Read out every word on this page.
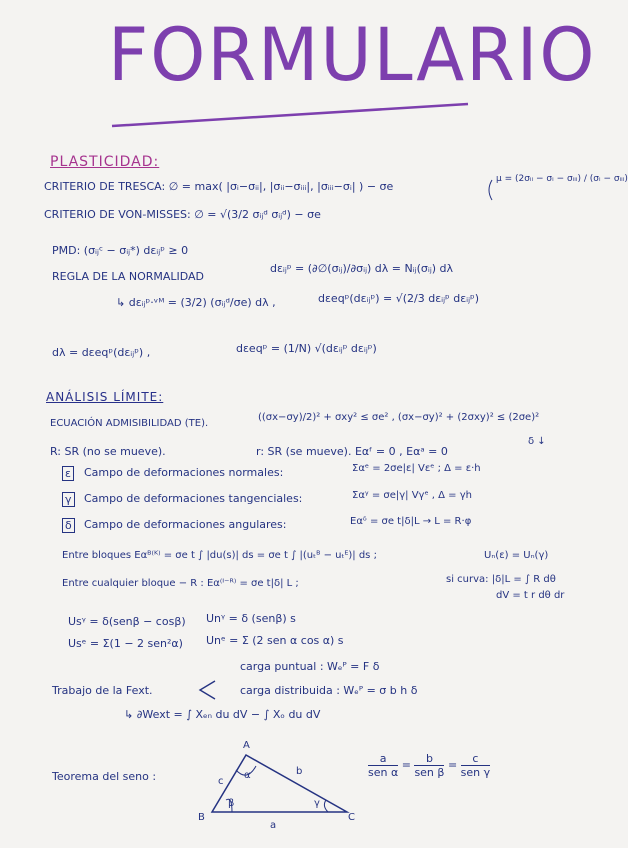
FORMULARIO
PLASTICIDAD:
CRITERIO DE TRESCA: ∅ = max( |σᵢ−σᵢᵢ|, |σᵢᵢ−σᵢᵢᵢ|, |σᵢᵢᵢ−σᵢ| ) − σe
μ = (2σᵢᵢ − σᵢ − σᵢᵢᵢ) / (σᵢ − σᵢᵢᵢ)
CRITERIO DE VON-MISSES: ∅ = √(3/2 σᵢⱼᵈ σᵢⱼᵈ) − σe
PMD: (σᵢⱼᶜ − σᵢⱼ*) dεᵢⱼᵖ ≥ 0
REGLA DE LA NORMALIDAD
dεᵢⱼᵖ = (∂∅(σᵢⱼ)/∂σᵢⱼ) dλ = Nᵢⱼ(σᵢⱼ) dλ
↳ dεᵢⱼᵖ·ᵛᴹ = (3/2) (σᵢⱼᵈ/σe) dλ ,	dεeqᵖ(dεᵢⱼᵖ) = √(2/3 dεᵢⱼᵖ dεᵢⱼᵖ)
dλ = dεeqᵖ(dεᵢⱼᵖ) ,	dεeqᵖ = (1/N) √(dεᵢⱼᵖ dεᵢⱼᵖ)
ANÁLISIS LÍMITE:
ECUACIÓN ADMISIBILIDAD (TE).
((σx−σy)/2)² + σxy² ≤ σe² , (σx−σy)² + (2σxy)² ≤ (2σe)²
δ ↓
R: SR (no se mueve).	r: SR (se mueve). Eαᶠ = 0 , Eαᵃ = 0
ε Campo de deformaciones normales:	Σαᵉ = 2σe|ε| Vεᵉ ; Δ = ε·h
γ Campo de deformaciones tangenciales:	Σαᵞ = σe|γ| Vγᵉ , Δ = γh
δ Campo de deformaciones angulares:	Eαᵟ = σe t|δ|L → L = R·φ
Entre bloques Eαᴮ⁽ᴷ⁾ = σe t ∫ |du(s)| ds = σe t ∫ |(uₜᴮ − uₜᴱ)| ds ;	Uₙ(ε) = Uₙ(γ)
Entre cualquier bloque − R : Eα⁽ᴵ⁻ᴿ⁾ = σe t|δ| L ;	si curva: |δ|L = ∫ R dθ
dV = t r dθ dr
Usᵞ = δ(senβ − cosβ) Unᵞ = δ (senβ) s
Usᵉ = Σ(1 − 2 sen²α) Unᵉ = Σ (2 sen α cos α) s
Trabajo de la Fext.
carga puntual : Wₑᴾ = F δ
carga distribuida : Wₑᴾ = σ b h δ
↳ ∂Wext = ∫ Xₑₙ du dV − ∫ Xₒ du dV
Teorema del seno :
A
B	C
a
b
c
α
β	γ
a
sen α
=	b
sen β
=	c
sen γ
